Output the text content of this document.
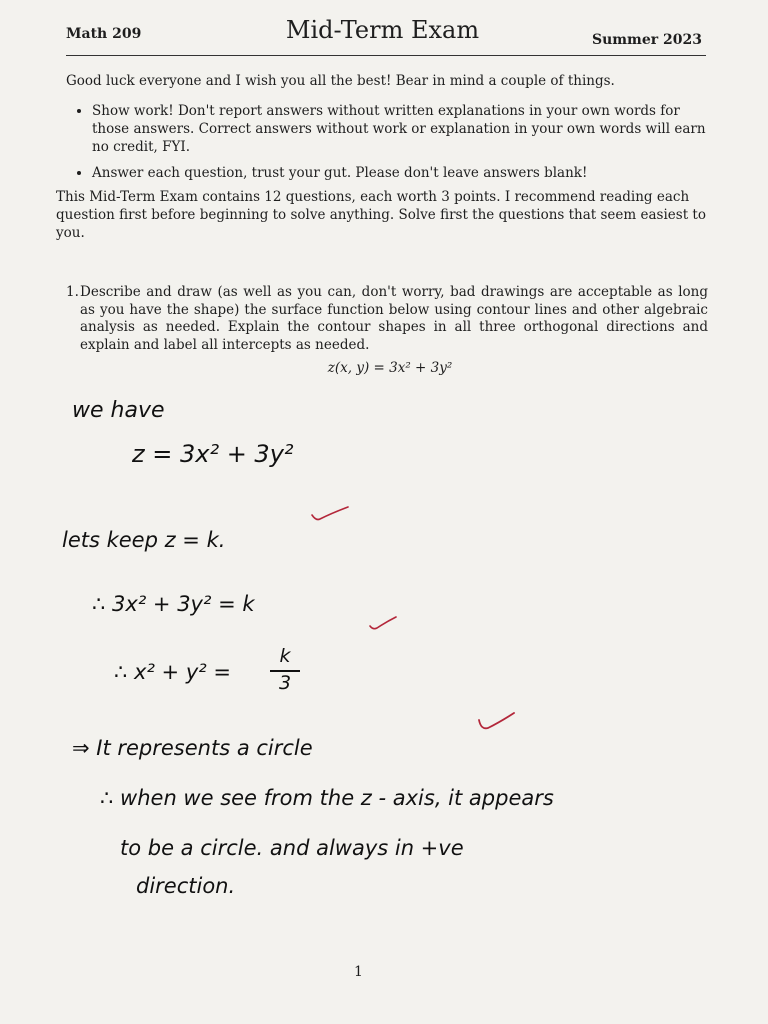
Math 209	Mid-Term Exam	Summer 2023
Good luck everyone and I wish you all the best! Bear in mind a couple of things.
• Show work! Don't report answers without written explanations in your own words for those answers. Correct answers without work or explanation in your own words will earn no credit, FYI.
• Answer each question, trust your gut. Please don't leave answers blank!
This Mid-Term Exam contains 12 questions, each worth 3 points. I recommend reading each question first before beginning to solve anything. Solve first the questions that seem easiest to you.
1. Describe and draw (as well as you can, don't worry, bad drawings are acceptable as long as you have the shape) the surface function below using contour lines and other algebraic analysis as needed. Explain the contour shapes in all three orthogonal directions and explain and label all intercepts as needed.
z(x, y) = 3x² + 3y²
we have
z = 3x² + 3y²
lets keep z = k.
∴ 3x² + 3y² = k
∴ x² + y² =
k
3
⇒ It represents a circle
∴ when we see from the z - axis, it appears
to be a circle. and always in +ve
direction.
1
